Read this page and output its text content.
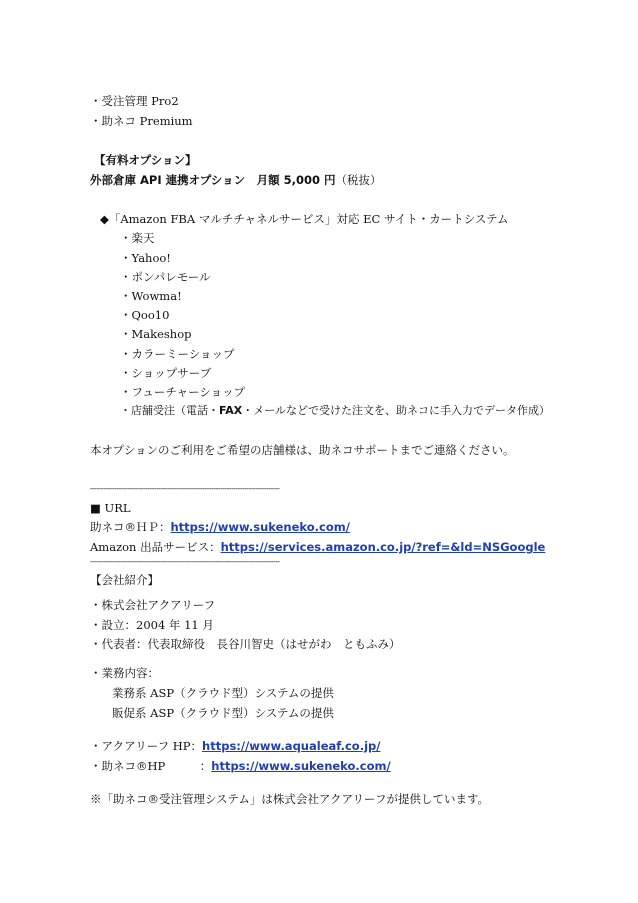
・受注管理 Pro2
・助ネコ Premium
【有料オプション】
外部倉庫 API 連携オプション　月額 5,000 円（税抜）
◆「Amazon FBA マルチチャネルサービス」対応 EC サイト・カートシステム
・楽天
・Yahoo!
・ポンパレモール
・Wowma!
・Qoo10
・Makeshop
・カラーミーショップ
・ショップサーブ
・フューチャーショップ
・店舗受注（電話・FAX・メールなどで受けた注文を、助ネコに手入力でデータ作成）
本オプションのご利用をご希望の店舗様は、助ネコサポートまでご連絡ください。
--------------------------------------------------------------------------------------
■ URL
助ネコ®ＨＰ：https://www.sukeneko.com/
Amazon 出品サービス：https://services.amazon.co.jp/?ref=&ld=NSGoogle
--------------------------------------------------------------------------------------
【会社紹介】
・株式会社アクアリーフ
・設立：2004 年 11 月
・代表者：代表取締役　長谷川智史（はせがわ　ともふみ）
・業務内容：
業務系 ASP（クラウド型）システムの提供
販促系 ASP（クラウド型）システムの提供
・アクアリーフ HP：https://www.aqualeaf.co.jp/
・助ネコ®HP　　　：https://www.sukeneko.com/
※「助ネコ®受注管理システム」は株式会社アクアリーフが提供しています。
